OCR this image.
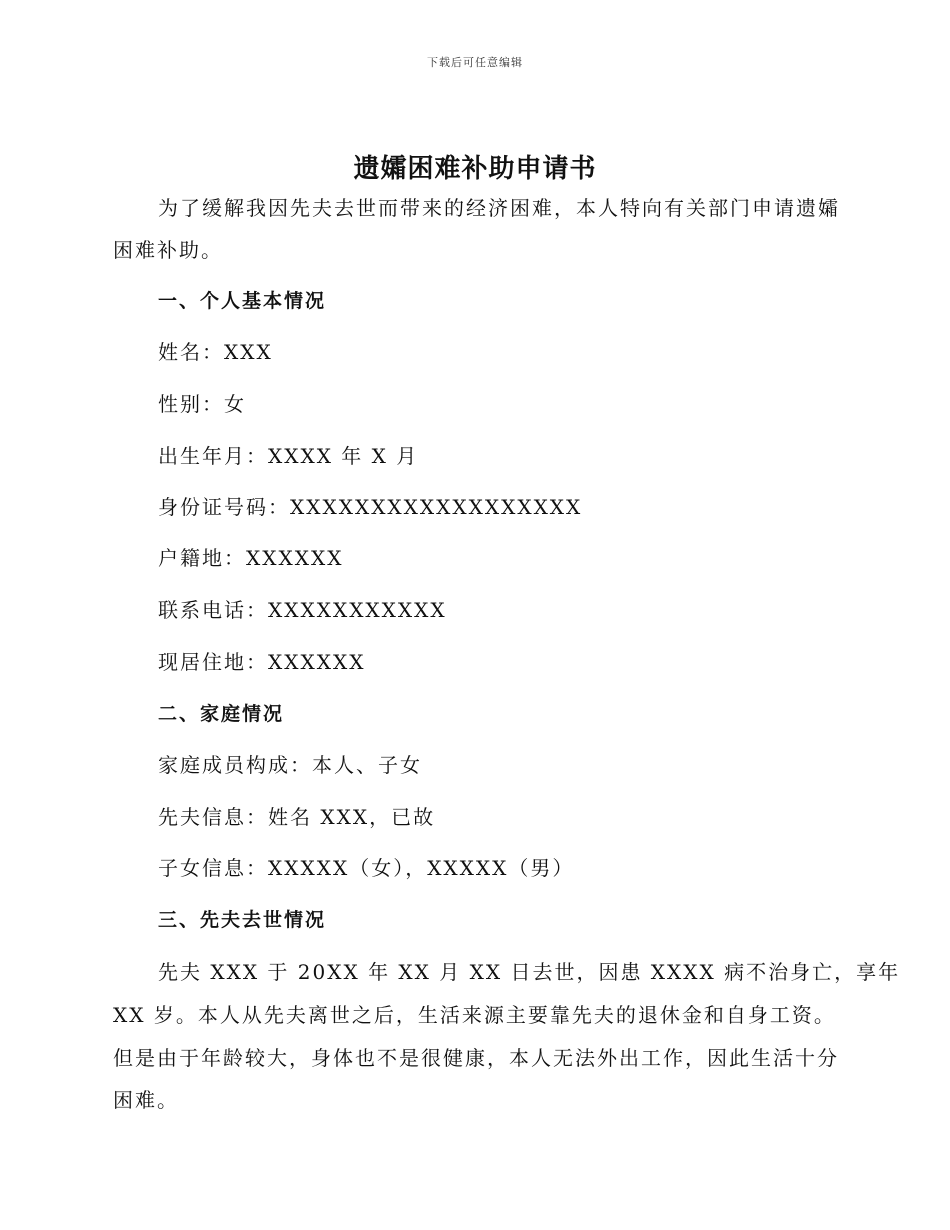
下载后可任意编辑
遗孀困难补助申请书
为了缓解我因先夫去世而带来的经济困难，本人特向有关部门申请遗孀
困难补助。
一、个人基本情况
姓名：XXX
性别：女
出生年月：XXXX 年 X 月
身份证号码：XXXXXXXXXXXXXXXXXX
户籍地：XXXXXX
联系电话：XXXXXXXXXXX
现居住地：XXXXXX
二、家庭情况
家庭成员构成：本人、子女
先夫信息：姓名 XXX，已故
子女信息：XXXXX（女），XXXXX（男）
三、先夫去世情况
先夫 XXX 于 20XX 年 XX 月 XX 日去世，因患 XXXX 病不治身亡，享年
XX 岁。本人从先夫离世之后，生活来源主要靠先夫的退休金和自身工资。
但是由于年龄较大，身体也不是很健康，本人无法外出工作，因此生活十分
困难。
